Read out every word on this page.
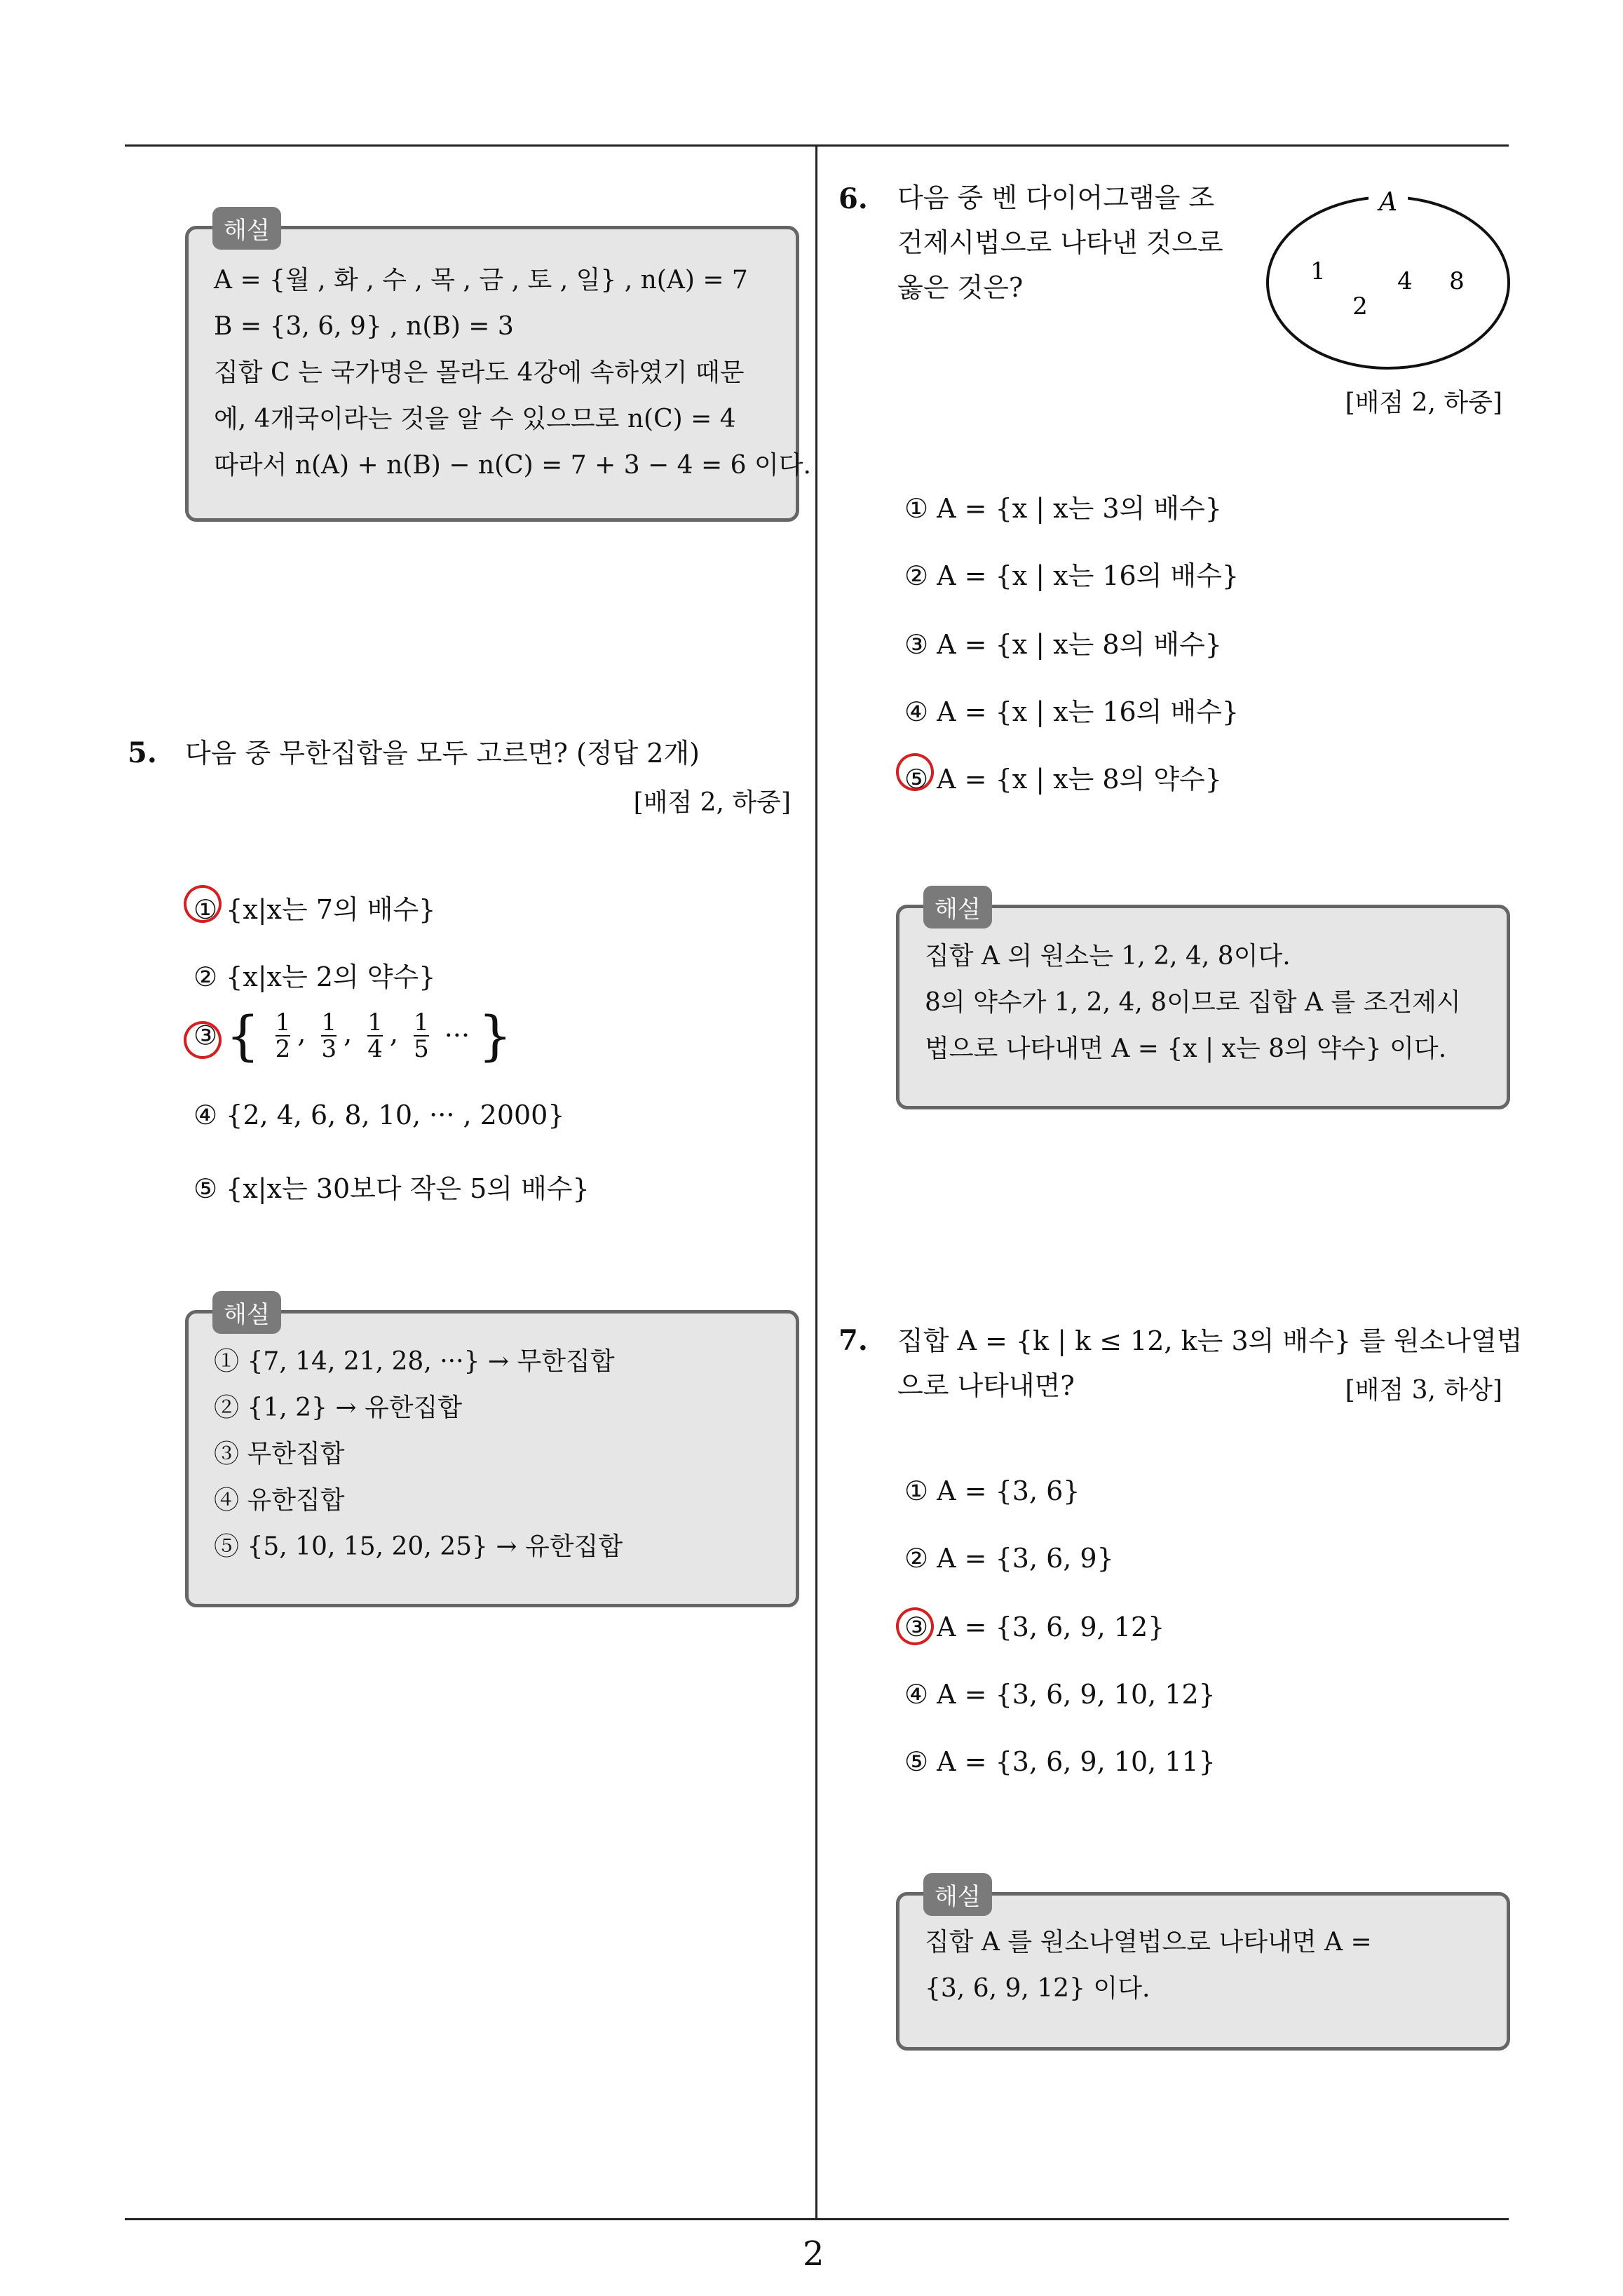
해설
A = {월 , 화 , 수 , 목 , 금 , 토 , 일} , n(A) = 7
B = {3, 6, 9} , n(B) = 3
집합 C 는 국가명은 몰라도 4강에 속하였기 때문
에, 4개국이라는 것을 알 수 있으므로 n(C) = 4
따라서 n(A) + n(B) − n(C) = 7 + 3 − 4 = 6 이다.
5. 다음 중 무한집합을 모두 고르면? (정답 2개)
[배점 2, 하중]
① {x|x는 7의 배수}
② {x|x는 2의 약수}
③ { $\frac{1}{2}$ , $\frac{1}{3}$ , $\frac{1}{4}$ , $\frac{1}{5}$ ··· }
④ {2, 4, 6, 8, 10, ··· , 2000}
⑤ {x|x는 30보다 작은 5의 배수}
해설
① {7, 14, 21, 28, ···} → 무한집합
② {1, 2} → 유한집합
③ 무한집합
④ 유한집합
⑤ {5, 10, 15, 20, 25} → 유한집합
6. 다음 중 벤 다이어그램을 조
건제시법으로 나타낸 것으로
옳은 것은?
A
1
2
4 8
[배점 2, 하중]
① A = {x | x는 3의 배수}
② A = {x | x는 16의 배수}
③ A = {x | x는 8의 배수}
④ A = {x | x는 16의 배수}
⑤ A = {x | x는 8의 약수}
해설
집합 A 의 원소는 1, 2, 4, 8이다.
8의 약수가 1, 2, 4, 8이므로 집합 A 를 조건제시
법으로 나타내면 A = {x | x는 8의 약수} 이다.
7. 집합 A = {k | k ≤ 12, k는 3의 배수} 를 원소나열법
으로 나타내면?	[배점 3, 하상]
① A = {3, 6}
② A = {3, 6, 9}
③ A = {3, 6, 9, 12}
④ A = {3, 6, 9, 10, 12}
⑤ A = {3, 6, 9, 10, 11}
해설
집합 A 를 원소나열법으로 나타내면 A =
{3, 6, 9, 12} 이다.
2
